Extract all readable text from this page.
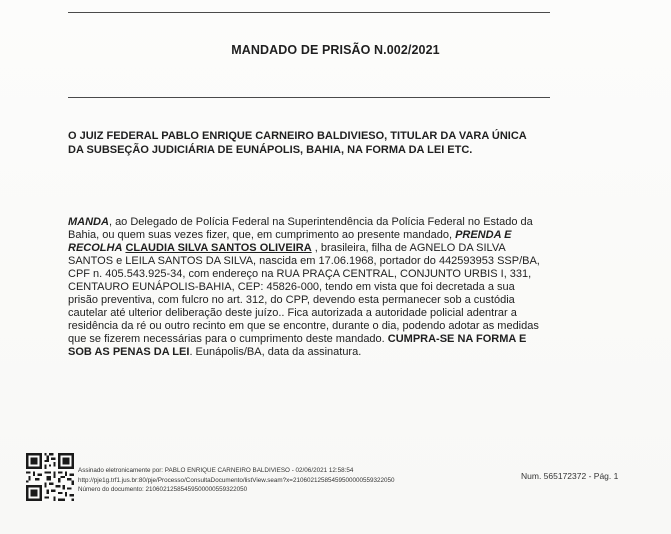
MANDADO DE PRISÃO N.002/2021
O JUIZ FEDERAL PABLO ENRIQUE CARNEIRO BALDIVIESO, TITULAR DA VARA ÚNICA
DA SUBSEÇÃO JUDICIÁRIA DE EUNÁPOLIS, BAHIA, NA FORMA DA LEI ETC.
MANDA, ao Delegado de Polícia Federal na Superintendência da Polícia Federal no Estado da
Bahia, ou quem suas vezes fizer, que, em cumprimento ao presente mandado, PRENDA E
RECOLHA CLAUDIA SILVA SANTOS OLIVEIRA , brasileira, filha de AGNELO DA SILVA
SANTOS e LEILA SANTOS DA SILVA, nascida em 17.06.1968, portador do 442593953 SSP/BA,
CPF n. 405.543.925-34, com endereço na RUA PRAÇA CENTRAL, CONJUNTO URBIS I, 331,
CENTAURO EUNÁPOLIS-BAHIA, CEP: 45826-000, tendo em vista que foi decretada a sua
prisão preventiva, com fulcro no art. 312, do CPP, devendo esta permanecer sob a custódia
cautelar até ulterior deliberação deste juízo.. Fica autorizada a autoridade policial adentrar a
residência da ré ou outro recinto em que se encontre, durante o dia, podendo adotar as medidas
que se fizerem necessárias para o cumprimento deste mandado. CUMPRA-SE NA FORMA E
SOB AS PENAS DA LEI. Eunápolis/BA, data da assinatura.
Assinado eletronicamente por: PABLO ENRIQUE CARNEIRO BALDIVIESO - 02/06/2021 12:58:54
http://pje1g.trf1.jus.br:80/pje/Processo/ConsultaDocumento/listView.seam?x=21060212585459500000559322050
Número do documento: 21060212585459500000559322050
Num. 565172372 - Pág. 1
